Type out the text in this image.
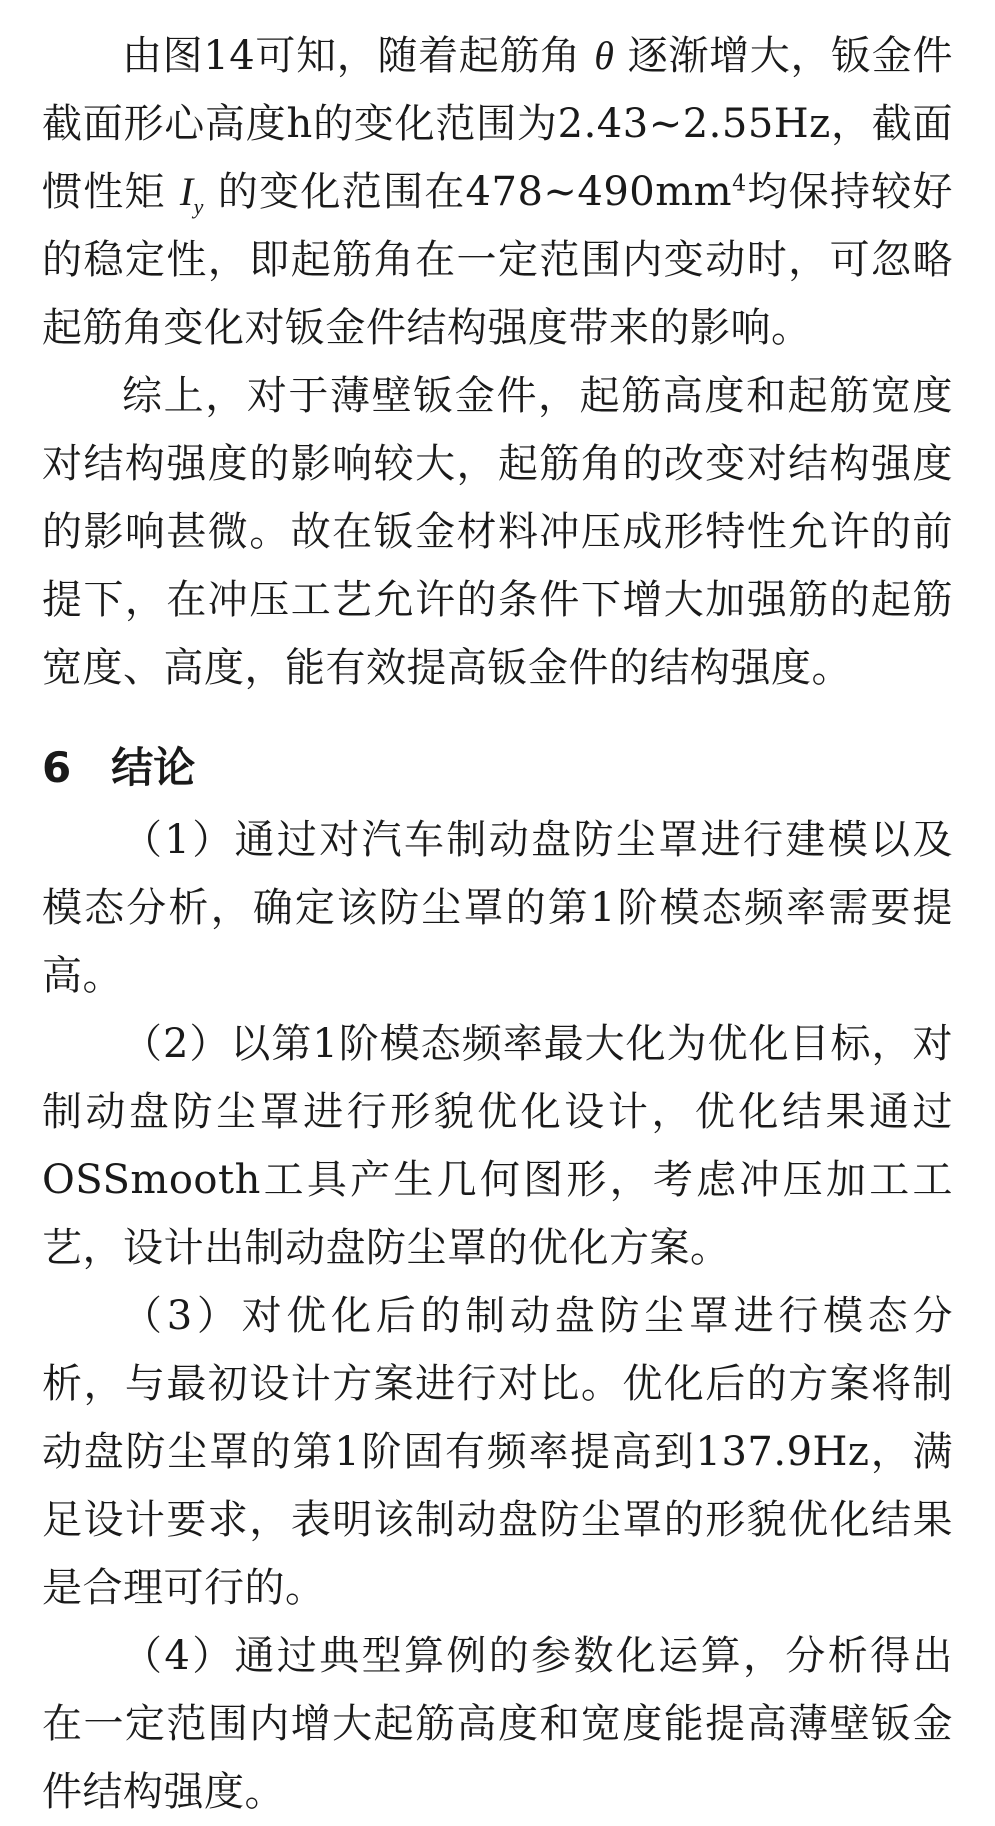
由图14可知，随着起筋角 θ 逐渐增大，钣金件截面形心高度h的变化范围为2.43~2.55Hz，截面惯性矩 $I_y$ 的变化范围在$478\sim 490mm^4$均保持较好的稳定性，即起筋角在一定范围内变动时，可忽略起筋角变化对钣金件结构强度带来的影响。

综上，对于薄壁钣金件，起筋高度和起筋宽度对结构强度的影响较大，起筋角的改变对结构强度的影响甚微。故在钣金材料冲压成形特性允许的前提下，在冲压工艺允许的条件下增大加强筋的起筋宽度、高度，能有效提高钣金件的结构强度。

6 结论

（1）通过对汽车制动盘防尘罩进行建模以及模态分析，确定该防尘罩的第1阶模态频率需要提高。

（2）以第1阶模态频率最大化为优化目标，对制动盘防尘罩进行形貌优化设计，优化结果通过OSSmooth工具产生几何图形，考虑冲压加工工艺，设计出制动盘防尘罩的优化方案。

（3）对优化后的制动盘防尘罩进行模态分析，与最初设计方案进行对比。优化后的方案将制动盘防尘罩的第1阶固有频率提高到137.9Hz，满足设计要求，表明该制动盘防尘罩的形貌优化结果是合理可行的。

（4）通过典型算例的参数化运算，分析得出在一定范围内增大起筋高度和宽度能提高薄壁钣金件结构强度。
